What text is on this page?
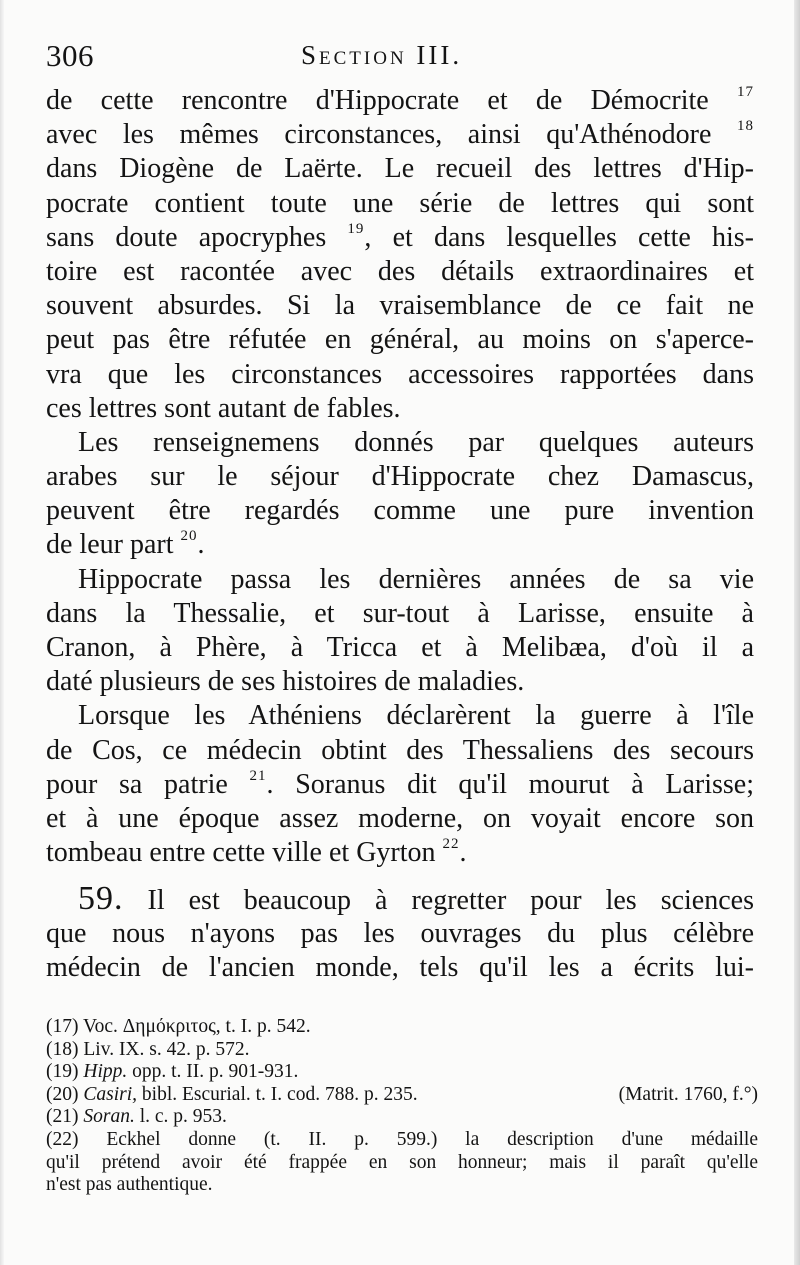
306	Section III.
de cette rencontre d'Hippocrate et de Démocrite $^{17}$
avec les mêmes circonstances, ainsi qu'Athénodore $^{18}$
dans Diogène de Laërte. Le recueil des lettres d'Hip-
pocrate contient toute une série de lettres qui sont
sans doute apocryphes $^{19}$, et dans lesquelles cette his-
toire est racontée avec des détails extraordinaires et
souvent absurdes. Si la vraisemblance de ce fait ne
peut pas être réfutée en général, au moins on s'aperce-
vra que les circonstances accessoires rapportées dans
ces lettres sont autant de fables.
Les renseignemens donnés par quelques auteurs
arabes sur le séjour d'Hippocrate chez Damascus,
peuvent être regardés comme une pure invention
de leur part $^{20}$.
Hippocrate passa les dernières années de sa vie
dans la Thessalie, et sur-tout à Larisse, ensuite à
Cranon, à Phère, à Tricca et à Melibæa, d'où il a
daté plusieurs de ses histoires de maladies.
Lorsque les Athéniens déclarèrent la guerre à l'île
de Cos, ce médecin obtint des Thessaliens des secours
pour sa patrie $^{21}$. Soranus dit qu'il mourut à Larisse;
et à une époque assez moderne, on voyait encore son
tombeau entre cette ville et Gyrton $^{22}$.
59. Il est beaucoup à regretter pour les sciences
que nous n'ayons pas les ouvrages du plus célèbre
médecin de l'ancien monde, tels qu'il les a écrits lui-
(17) Voc. Δημόκριτος, t. I. p. 542.
(18) Liv. IX. s. 42. p. 572.
(19) Hipp. opp. t. II. p. 901-931.
(20) Casiri, bibl. Escurial. t. I. cod. 788. p. 235.	(Matrit. 1760, f.°)
(21) Soran. l. c. p. 953.
(22) Eckhel donne (t. II. p. 599.) la description d'une médaille
qu'il prétend avoir été frappée en son honneur; mais il paraît qu'elle
n'est pas authentique.
